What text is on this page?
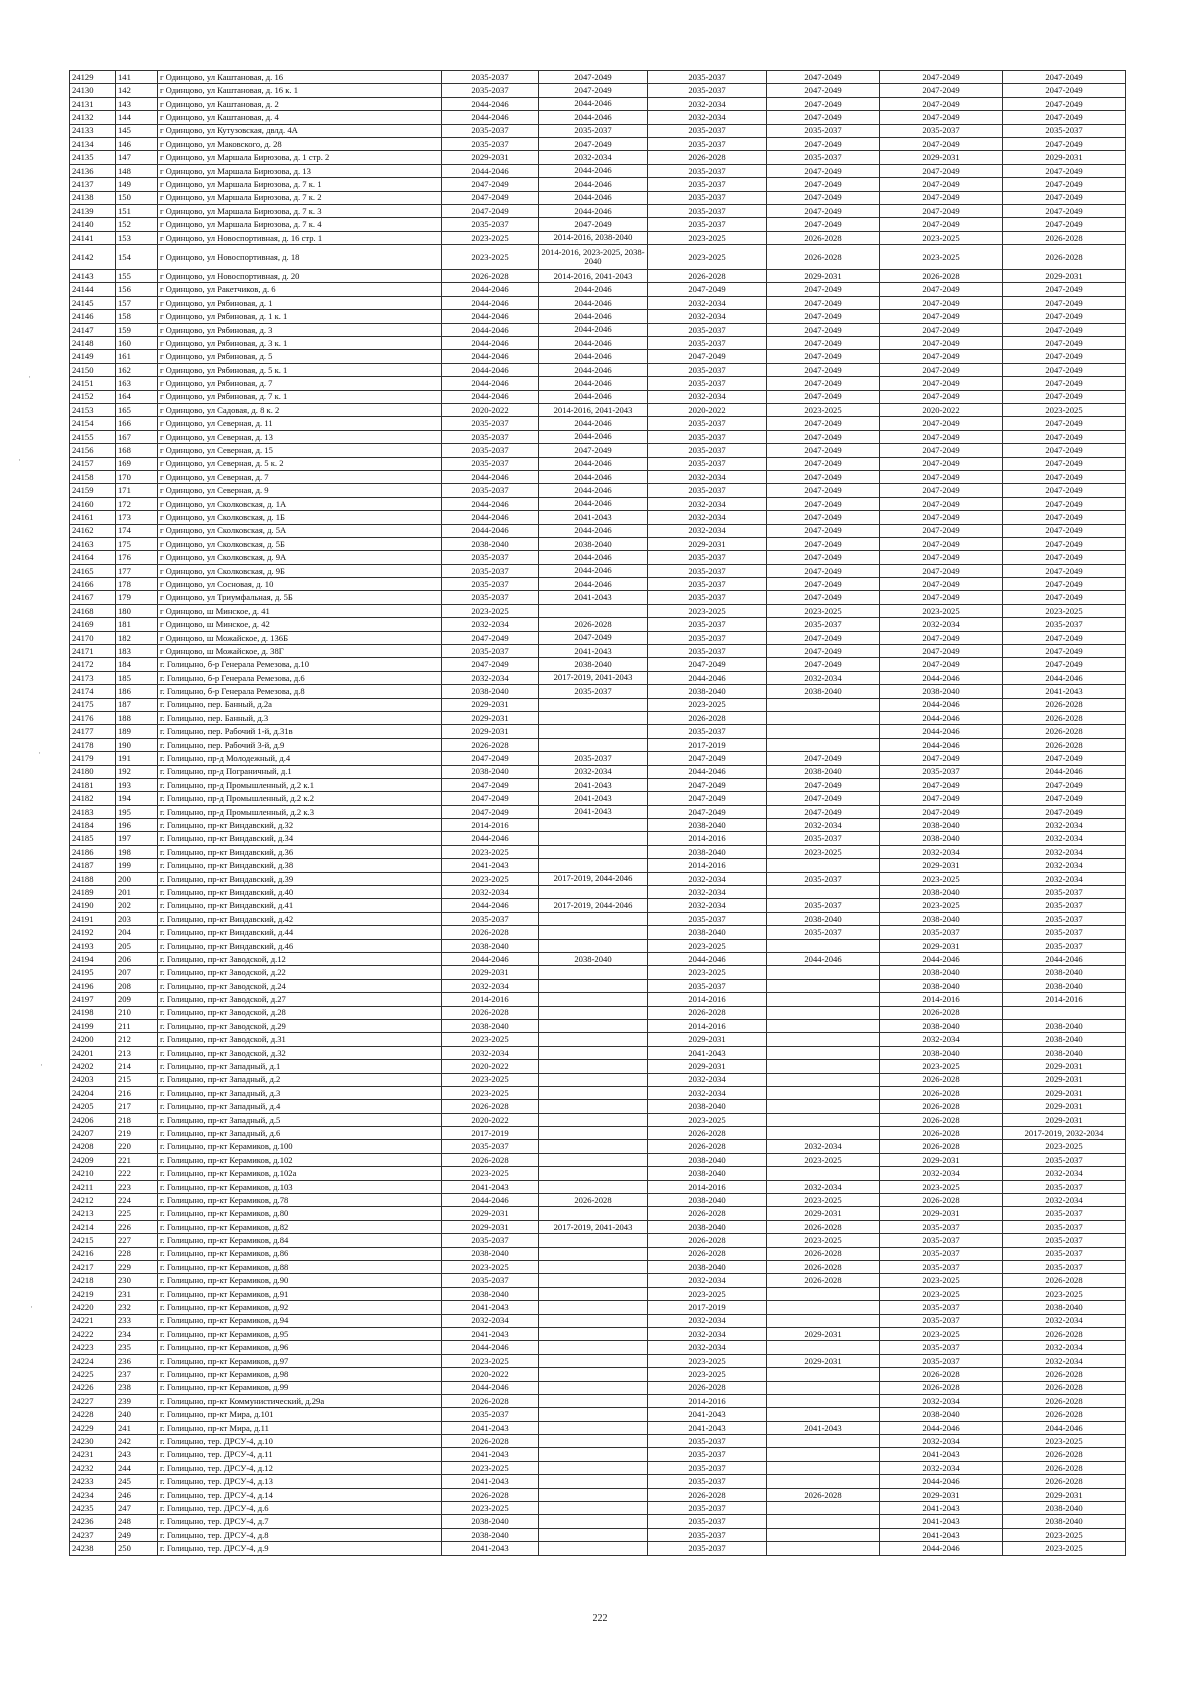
24129	141	г Одинцово, ул Каштановая, д. 16	2035-2037	2047-2049	2035-2037	2047-2049	2047-2049	2047-2049
24130	142	г Одинцово, ул Каштановая, д. 16 к. 1	2035-2037	2047-2049	2035-2037	2047-2049	2047-2049	2047-2049
24131	143	г Одинцово, ул Каштановая, д. 2	2044-2046	2044-2046	2032-2034	2047-2049	2047-2049	2047-2049
24132	144	г Одинцово, ул Каштановая, д. 4	2044-2046	2044-2046	2032-2034	2047-2049	2047-2049	2047-2049
24133	145	г Одинцово, ул Кутузовская, двлд. 4А	2035-2037	2035-2037	2035-2037	2035-2037	2035-2037	2035-2037
24134	146	г Одинцово, ул Маковского, д. 28	2035-2037	2047-2049	2035-2037	2047-2049	2047-2049	2047-2049
24135	147	г Одинцово, ул Маршала Бирюзова, д. 1 стр. 2	2029-2031	2032-2034	2026-2028	2035-2037	2029-2031	2029-2031
24136	148	г Одинцово, ул Маршала Бирюзова, д. 13	2044-2046	2044-2046	2035-2037	2047-2049	2047-2049	2047-2049
24137	149	г Одинцово, ул Маршала Бирюзова, д. 7 к. 1	2047-2049	2044-2046	2035-2037	2047-2049	2047-2049	2047-2049
24138	150	г Одинцово, ул Маршала Бирюзова, д. 7 к. 2	2047-2049	2044-2046	2035-2037	2047-2049	2047-2049	2047-2049
24139	151	г Одинцово, ул Маршала Бирюзова, д. 7 к. 3	2047-2049	2044-2046	2035-2037	2047-2049	2047-2049	2047-2049
24140	152	г Одинцово, ул Маршала Бирюзова, д. 7 к. 4	2035-2037	2047-2049	2035-2037	2047-2049	2047-2049	2047-2049
24141	153	г Одинцово, ул Новоспортивная, д. 16 стр. 1	2023-2025	2014-2016, 2038-2040	2023-2025	2026-2028	2023-2025	2026-2028
24142	154	г Одинцово, ул Новоспортивная, д. 18	2023-2025	2014-2016, 2023-2025, 2038-2040	2023-2025	2026-2028	2023-2025	2026-2028
24143	155	г Одинцово, ул Новоспортивная, д. 20	2026-2028	2014-2016, 2041-2043	2026-2028	2029-2031	2026-2028	2029-2031
24144	156	г Одинцово, ул Ракетчиков, д. 6	2044-2046	2044-2046	2047-2049	2047-2049	2047-2049	2047-2049
24145	157	г Одинцово, ул Рябиновая, д. 1	2044-2046	2044-2046	2032-2034	2047-2049	2047-2049	2047-2049
24146	158	г Одинцово, ул Рябиновая, д. 1 к. 1	2044-2046	2044-2046	2032-2034	2047-2049	2047-2049	2047-2049
24147	159	г Одинцово, ул Рябиновая, д. 3	2044-2046	2044-2046	2035-2037	2047-2049	2047-2049	2047-2049
24148	160	г Одинцово, ул Рябиновая, д. 3 к. 1	2044-2046	2044-2046	2035-2037	2047-2049	2047-2049	2047-2049
24149	161	г Одинцово, ул Рябиновая, д. 5	2044-2046	2044-2046	2047-2049	2047-2049	2047-2049	2047-2049
24150	162	г Одинцово, ул Рябиновая, д. 5 к. 1	2044-2046	2044-2046	2035-2037	2047-2049	2047-2049	2047-2049
24151	163	г Одинцово, ул Рябиновая, д. 7	2044-2046	2044-2046	2035-2037	2047-2049	2047-2049	2047-2049
24152	164	г Одинцово, ул Рябиновая, д. 7 к. 1	2044-2046	2044-2046	2032-2034	2047-2049	2047-2049	2047-2049
24153	165	г Одинцово, ул Садовая, д. 8 к. 2	2020-2022	2014-2016, 2041-2043	2020-2022	2023-2025	2020-2022	2023-2025
24154	166	г Одинцово, ул Северная, д. 11	2035-2037	2044-2046	2035-2037	2047-2049	2047-2049	2047-2049
24155	167	г Одинцово, ул Северная, д. 13	2035-2037	2044-2046	2035-2037	2047-2049	2047-2049	2047-2049
24156	168	г Одинцово, ул Северная, д. 15	2035-2037	2047-2049	2035-2037	2047-2049	2047-2049	2047-2049
24157	169	г Одинцово, ул Северная, д. 5 к. 2	2035-2037	2044-2046	2035-2037	2047-2049	2047-2049	2047-2049
24158	170	г Одинцово, ул Северная, д. 7	2044-2046	2044-2046	2032-2034	2047-2049	2047-2049	2047-2049
24159	171	г Одинцово, ул Северная, д. 9	2035-2037	2044-2046	2035-2037	2047-2049	2047-2049	2047-2049
24160	172	г Одинцово, ул Сколковская, д. 1А	2044-2046	2044-2046	2032-2034	2047-2049	2047-2049	2047-2049
24161	173	г Одинцово, ул Сколковская, д. 1Б	2044-2046	2041-2043	2032-2034	2047-2049	2047-2049	2047-2049
24162	174	г Одинцово, ул Сколковская, д. 5А	2044-2046	2044-2046	2032-2034	2047-2049	2047-2049	2047-2049
24163	175	г Одинцово, ул Сколковская, д. 5Б	2038-2040	2038-2040	2029-2031	2047-2049	2047-2049	2047-2049
24164	176	г Одинцово, ул Сколковская, д. 9А	2035-2037	2044-2046	2035-2037	2047-2049	2047-2049	2047-2049
24165	177	г Одинцово, ул Сколковская, д. 9Б	2035-2037	2044-2046	2035-2037	2047-2049	2047-2049	2047-2049
24166	178	г Одинцово, ул Сосновая, д. 10	2035-2037	2044-2046	2035-2037	2047-2049	2047-2049	2047-2049
24167	179	г Одинцово, ул Триумфальная, д. 5Б	2035-2037	2041-2043	2035-2037	2047-2049	2047-2049	2047-2049
24168	180	г Одинцово, ш Минское, д. 41	2023-2025		2023-2025	2023-2025	2023-2025	2023-2025
24169	181	г Одинцово, ш Минское, д. 42	2032-2034	2026-2028	2035-2037	2035-2037	2032-2034	2035-2037
24170	182	г Одинцово, ш Можайское, д. 136Б	2047-2049	2047-2049	2035-2037	2047-2049	2047-2049	2047-2049
24171	183	г Одинцово, ш Можайское, д. 38Г	2035-2037	2041-2043	2035-2037	2047-2049	2047-2049	2047-2049
24172	184	г. Голицыно, б-р Генерала Ремезова, д.10	2047-2049	2038-2040	2047-2049	2047-2049	2047-2049	2047-2049
24173	185	г. Голицыно, б-р Генерала Ремезова, д.6	2032-2034	2017-2019, 2041-2043	2044-2046	2032-2034	2044-2046	2044-2046
24174	186	г. Голицыно, б-р Генерала Ремезова, д.8	2038-2040	2035-2037	2038-2040	2038-2040	2038-2040	2041-2043
24175	187	г. Голицыно, пер. Банный, д.2а	2029-2031		2023-2025		2044-2046	2026-2028
24176	188	г. Голицыно, пер. Банный, д.3	2029-2031		2026-2028		2044-2046	2026-2028
24177	189	г. Голицыно, пер. Рабочий 1-й, д.31в	2029-2031		2035-2037		2044-2046	2026-2028
24178	190	г. Голицыно, пер. Рабочий 3-й, д.9	2026-2028		2017-2019		2044-2046	2026-2028
24179	191	г. Голицыно, пр-д Молодежный, д.4	2047-2049	2035-2037	2047-2049	2047-2049	2047-2049	2047-2049
24180	192	г. Голицыно, пр-д Пограничный, д.1	2038-2040	2032-2034	2044-2046	2038-2040	2035-2037	2044-2046
24181	193	г. Голицыно, пр-д Промышленный, д.2 к.1	2047-2049	2041-2043	2047-2049	2047-2049	2047-2049	2047-2049
24182	194	г. Голицыно, пр-д Промышленный, д.2 к.2	2047-2049	2041-2043	2047-2049	2047-2049	2047-2049	2047-2049
24183	195	г. Голицыно, пр-д Промышленный, д.2 к.3	2047-2049	2041-2043	2047-2049	2047-2049	2047-2049	2047-2049
24184	196	г. Голицыно, пр-кт Виндавский, д.32	2014-2016		2038-2040	2032-2034	2038-2040	2032-2034
24185	197	г. Голицыно, пр-кт Виндавский, д.34	2044-2046		2014-2016	2035-2037	2038-2040	2032-2034
24186	198	г. Голицыно, пр-кт Виндавский, д.36	2023-2025		2038-2040	2023-2025	2032-2034	2032-2034
24187	199	г. Голицыно, пр-кт Виндавский, д.38	2041-2043		2014-2016		2029-2031	2032-2034
24188	200	г. Голицыно, пр-кт Виндавский, д.39	2023-2025	2017-2019, 2044-2046	2032-2034	2035-2037	2023-2025	2032-2034
24189	201	г. Голицыно, пр-кт Виндавский, д.40	2032-2034		2032-2034		2038-2040	2035-2037
24190	202	г. Голицыно, пр-кт Виндавский, д.41	2044-2046	2017-2019, 2044-2046	2032-2034	2035-2037	2023-2025	2035-2037
24191	203	г. Голицыно, пр-кт Виндавский, д.42	2035-2037		2035-2037	2038-2040	2038-2040	2035-2037
24192	204	г. Голицыно, пр-кт Виндавский, д.44	2026-2028		2038-2040	2035-2037	2035-2037	2035-2037
24193	205	г. Голицыно, пр-кт Виндавский, д.46	2038-2040		2023-2025		2029-2031	2035-2037
24194	206	г. Голицыно, пр-кт Заводской, д.12	2044-2046	2038-2040	2044-2046	2044-2046	2044-2046	2044-2046
24195	207	г. Голицыно, пр-кт Заводской, д.22	2029-2031		2023-2025		2038-2040	2038-2040
24196	208	г. Голицыно, пр-кт Заводской, д.24	2032-2034		2035-2037		2038-2040	2038-2040
24197	209	г. Голицыно, пр-кт Заводской, д.27	2014-2016		2014-2016		2014-2016	2014-2016
24198	210	г. Голицыно, пр-кт Заводской, д.28	2026-2028		2026-2028		2026-2028	
24199	211	г. Голицыно, пр-кт Заводской, д.29	2038-2040		2014-2016		2038-2040	2038-2040
24200	212	г. Голицыно, пр-кт Заводской, д.31	2023-2025		2029-2031		2032-2034	2038-2040
24201	213	г. Голицыно, пр-кт Заводской, д.32	2032-2034		2041-2043		2038-2040	2038-2040
24202	214	г. Голицыно, пр-кт Западный, д.1	2020-2022		2029-2031		2023-2025	2029-2031
24203	215	г. Голицыно, пр-кт Западный, д.2	2023-2025		2032-2034		2026-2028	2029-2031
24204	216	г. Голицыно, пр-кт Западный, д.3	2023-2025		2032-2034		2026-2028	2029-2031
24205	217	г. Голицыно, пр-кт Западный, д.4	2026-2028		2038-2040		2026-2028	2029-2031
24206	218	г. Голицыно, пр-кт Западный, д.5	2020-2022		2023-2025		2026-2028	2029-2031
24207	219	г. Голицыно, пр-кт Западный, д.6	2017-2019		2026-2028		2026-2028	2017-2019, 2032-2034
24208	220	г. Голицыно, пр-кт Керамиков, д.100	2035-2037		2026-2028	2032-2034	2026-2028	2023-2025
24209	221	г. Голицыно, пр-кт Керамиков, д.102	2026-2028		2038-2040	2023-2025	2029-2031	2035-2037
24210	222	г. Голицыно, пр-кт Керамиков, д.102а	2023-2025		2038-2040		2032-2034	2032-2034
24211	223	г. Голицыно, пр-кт Керамиков, д.103	2041-2043		2014-2016	2032-2034	2023-2025	2035-2037
24212	224	г. Голицыно, пр-кт Керамиков, д.78	2044-2046	2026-2028	2038-2040	2023-2025	2026-2028	2032-2034
24213	225	г. Голицыно, пр-кт Керамиков, д.80	2029-2031		2026-2028	2029-2031	2029-2031	2035-2037
24214	226	г. Голицыно, пр-кт Керамиков, д.82	2029-2031	2017-2019, 2041-2043	2038-2040	2026-2028	2035-2037	2035-2037
24215	227	г. Голицыно, пр-кт Керамиков, д.84	2035-2037		2026-2028	2023-2025	2035-2037	2035-2037
24216	228	г. Голицыно, пр-кт Керамиков, д.86	2038-2040		2026-2028	2026-2028	2035-2037	2035-2037
24217	229	г. Голицыно, пр-кт Керамиков, д.88	2023-2025		2038-2040	2026-2028	2035-2037	2035-2037
24218	230	г. Голицыно, пр-кт Керамиков, д.90	2035-2037		2032-2034	2026-2028	2023-2025	2026-2028
24219	231	г. Голицыно, пр-кт Керамиков, д.91	2038-2040		2023-2025		2023-2025	2023-2025
24220	232	г. Голицыно, пр-кт Керамиков, д.92	2041-2043		2017-2019		2035-2037	2038-2040
24221	233	г. Голицыно, пр-кт Керамиков, д.94	2032-2034		2032-2034		2035-2037	2032-2034
24222	234	г. Голицыно, пр-кт Керамиков, д.95	2041-2043		2032-2034	2029-2031	2023-2025	2026-2028
24223	235	г. Голицыно, пр-кт Керамиков, д.96	2044-2046		2032-2034		2035-2037	2032-2034
24224	236	г. Голицыно, пр-кт Керамиков, д.97	2023-2025		2023-2025	2029-2031	2035-2037	2032-2034
24225	237	г. Голицыно, пр-кт Керамиков, д.98	2020-2022		2023-2025		2026-2028	2026-2028
24226	238	г. Голицыно, пр-кт Керамиков, д.99	2044-2046		2026-2028		2026-2028	2026-2028
24227	239	г. Голицыно, пр-кт Коммунистический, д.29а	2026-2028		2014-2016		2032-2034	2026-2028
24228	240	г. Голицыно, пр-кт Мира, д.101	2035-2037		2041-2043		2038-2040	2026-2028
24229	241	г. Голицыно, пр-кт Мира, д.11	2041-2043		2041-2043	2041-2043	2044-2046	2044-2046
24230	242	г. Голицыно, тер. ДРСУ-4, д.10	2026-2028		2035-2037		2032-2034	2023-2025
24231	243	г. Голицыно, тер. ДРСУ-4, д.11	2041-2043		2035-2037		2041-2043	2026-2028
24232	244	г. Голицыно, тер. ДРСУ-4, д.12	2023-2025		2035-2037		2032-2034	2026-2028
24233	245	г. Голицыно, тер. ДРСУ-4, д.13	2041-2043		2035-2037		2044-2046	2026-2028
24234	246	г. Голицыно, тер. ДРСУ-4, д.14	2026-2028		2026-2028	2026-2028	2029-2031	2029-2031
24235	247	г. Голицыно, тер. ДРСУ-4, д.6	2023-2025		2035-2037		2041-2043	2038-2040
24236	248	г. Голицыно, тер. ДРСУ-4, д.7	2038-2040		2035-2037		2041-2043	2038-2040
24237	249	г. Голицыно, тер. ДРСУ-4, д.8	2038-2040		2035-2037		2041-2043	2023-2025
24238	250	г. Голицыно, тер. ДРСУ-4, д.9	2041-2043		2035-2037		2044-2046	2023-2025
222
·
·
·
·
·
